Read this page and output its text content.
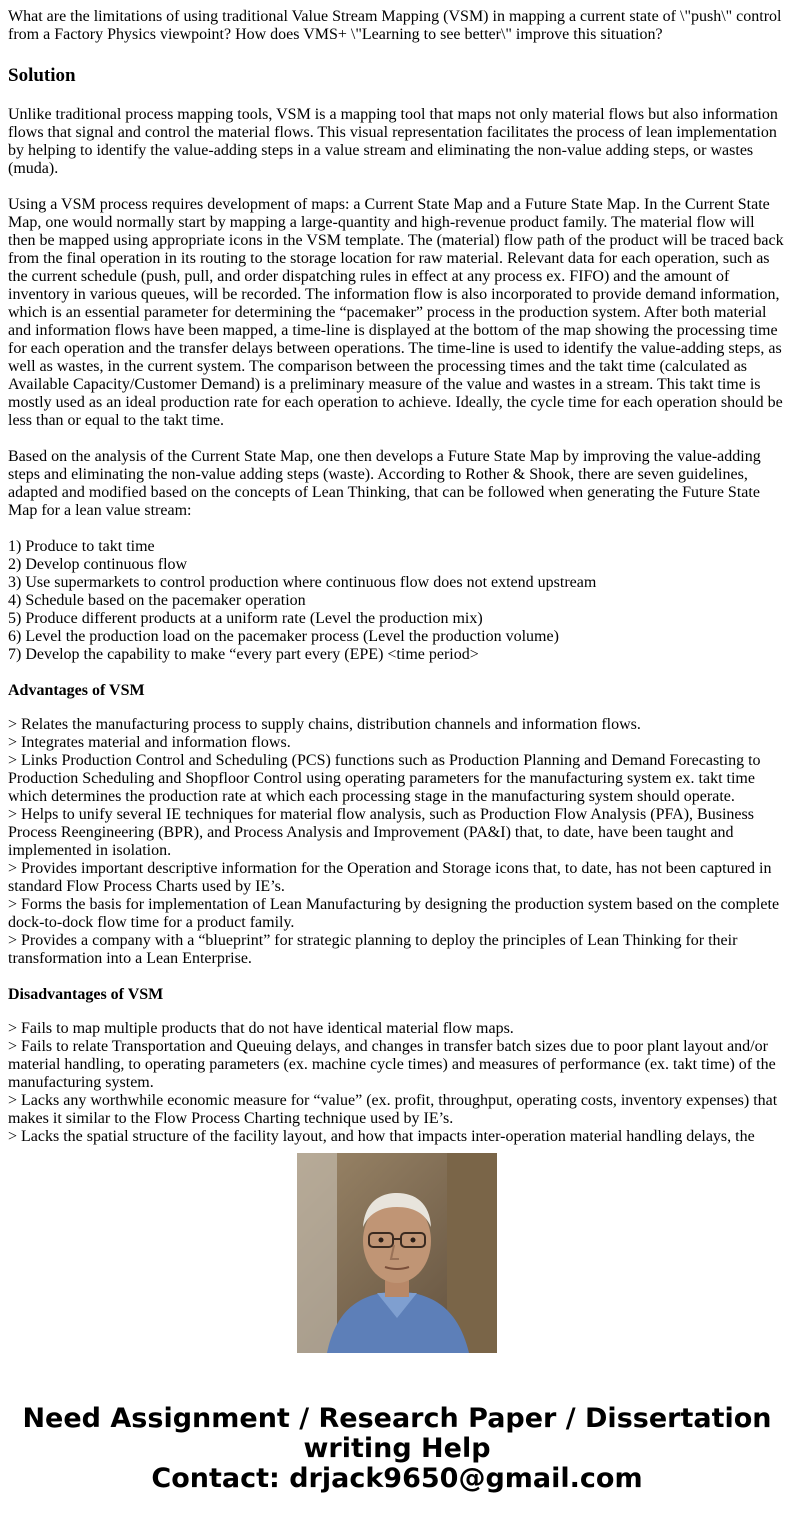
What are the limitations of using traditional Value Stream Mapping (VSM) in mapping a current state of \"push\" control from a Factory Physics viewpoint? How does VMS+ \"Learning to see better\" improve this situation?
Solution

Unlike traditional process mapping tools, VSM is a mapping tool that maps not only material flows but also information flows that signal and control the material flows. This visual representation facilitates the process of lean implementation by helping to identify the value-adding steps in a value stream and eliminating the non-value adding steps, or wastes (muda).

Using a VSM process requires development of maps: a Current State Map and a Future State Map. In the Current State Map, one would normally start by mapping a large-quantity and high-revenue product family. The material flow will then be mapped using appropriate icons in the VSM template. The (material) flow path of the product will be traced back from the final operation in its routing to the storage location for raw material. Relevant data for each operation, such as the current schedule (push, pull, and order dispatching rules in effect at any process ex. FIFO) and the amount of inventory in various queues, will be recorded. The information flow is also incorporated to provide demand information, which is an essential parameter for determining the “pacemaker” process in the production system. After both material and information flows have been mapped, a time-line is displayed at the bottom of the map showing the processing time for each operation and the transfer delays between operations. The time-line is used to identify the value-adding steps, as well as wastes, in the current system. The comparison between the processing times and the takt time (calculated as Available Capacity/Customer Demand) is a preliminary measure of the value and wastes in a stream. This takt time is mostly used as an ideal production rate for each operation to achieve. Ideally, the cycle time for each operation should be less than or equal to the takt time.

Based on the analysis of the Current State Map, one then develops a Future State Map by improving the value-adding steps and eliminating the non-value adding steps (waste). According to Rother & Shook, there are seven guidelines, adapted and modified based on the concepts of Lean Thinking, that can be followed when generating the Future State Map for a lean value stream:

1) Produce to takt time
2) Develop continuous flow
3) Use supermarkets to control production where continuous flow does not extend upstream
4) Schedule based on the pacemaker operation
5) Produce different products at a uniform rate (Level the production mix)
6) Level the production load on the pacemaker process (Level the production volume)
7) Develop the capability to make “every part every (EPE) <time period>
Advantages of VSM
> Relates the manufacturing process to supply chains, distribution channels and information flows.
> Integrates material and information flows.
> Links Production Control and Scheduling (PCS) functions such as Production Planning and Demand Forecasting to Production Scheduling and Shopfloor Control using operating parameters for the manufacturing system ex. takt time which determines the production rate at which each processing stage in the manufacturing system should operate.
> Helps to unify several IE techniques for material flow analysis, such as Production Flow Analysis (PFA), Business Process Reengineering (BPR), and Process Analysis and Improvement (PA&I) that, to date, have been taught and implemented in isolation.
> Provides important descriptive information for the Operation and Storage icons that, to date, has not been captured in standard Flow Process Charts used by IE’s.
> Forms the basis for implementation of Lean Manufacturing by designing the production system based on the complete dock-to-dock flow time for a product family.
> Provides a company with a “blueprint” for strategic planning to deploy the principles of Lean Thinking for their transformation into a Lean Enterprise.
Disadvantages of VSM
> Fails to map multiple products that do not have identical material flow maps.
> Fails to relate Transportation and Queuing delays, and changes in transfer batch sizes due to poor plant layout and/or material handling, to operating parameters (ex. machine cycle times) and measures of performance (ex. takt time) of the manufacturing system.
> Lacks any worthwhile economic measure for “value” (ex. profit, throughput, operating costs, inventory expenses) that makes it similar to the Flow Process Charting technique used by IE’s.
> Lacks the spatial structure of the facility layout, and how that impacts inter-operation material handling delays, the
Need Assignment / Research Paper / Dissertation
writing Help
Contact: drjack9650@gmail.com
